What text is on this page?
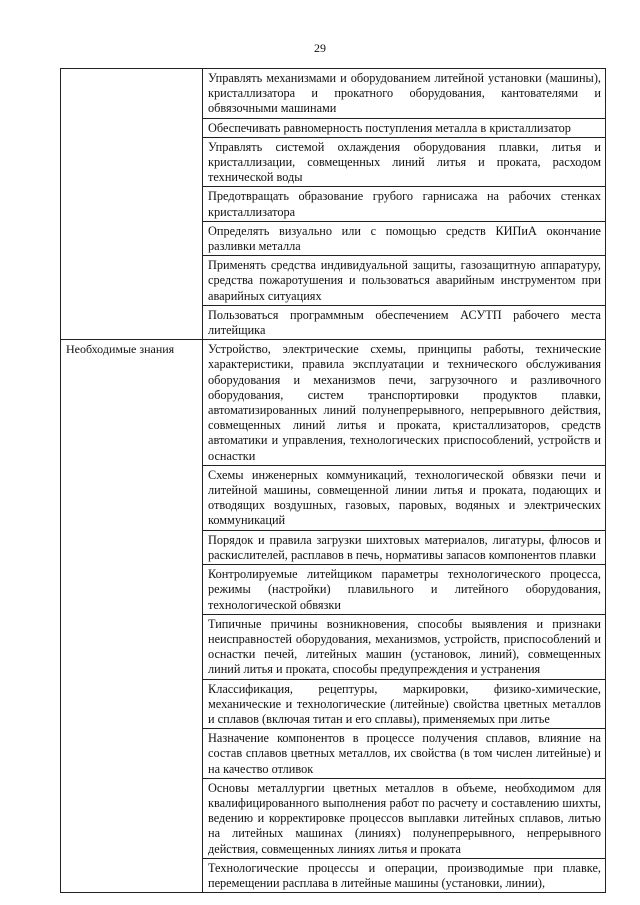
29
	Управлять механизмами и оборудованием литейной установки (машины), кристаллизатора и прокатного оборудования, кантователями и обвязочными машинами
	Обеспечивать равномерность поступления металла в кристаллизатор
	Управлять системой охлаждения оборудования плавки, литья и кристаллизации, совмещенных линий литья и проката, расходом технической воды
	Предотвращать образование грубого гарнисажа на рабочих стенках кристаллизатора
	Определять визуально или с помощью средств КИПиА окончание разливки металла
	Применять средства индивидуальной защиты, газозащитную аппаратуру, средства пожаротушения и пользоваться аварийным инструментом при аварийных ситуациях
	Пользоваться программным обеспечением АСУТП рабочего места литейщика
Необходимые знания	Устройство, электрические схемы, принципы работы, технические характеристики, правила эксплуатации и технического обслуживания оборудования и механизмов печи, загрузочного и разливочного оборудования, систем транспортировки продуктов плавки, автоматизированных линий полунепрерывного, непрерывного действия, совмещенных линий литья и проката, кристаллизаторов, средств автоматики и управления, технологических приспособлений, устройств и оснастки
	Схемы инженерных коммуникаций, технологической обвязки печи и литейной машины, совмещенной линии литья и проката, подающих и отводящих воздушных, газовых, паровых, водяных и электрических коммуникаций
	Порядок и правила загрузки шихтовых материалов, лигатуры, флюсов и раскислителей, расплавов в печь, нормативы запасов компонентов плавки
	Контролируемые литейщиком параметры технологического процесса, режимы (настройки) плавильного и литейного оборудования, технологической обвязки
	Типичные причины возникновения, способы выявления и признаки неисправностей оборудования, механизмов, устройств, приспособлений и оснастки печей, литейных машин (установок, линий), совмещенных линий литья и проката, способы предупреждения и устранения
	Классификация, рецептуры, маркировки, физико-химические, механические и технологические (литейные) свойства цветных металлов и сплавов (включая титан и его сплавы), применяемых при литье
	Назначение компонентов в процессе получения сплавов, влияние на состав сплавов цветных металлов, их свойства (в том числен литейные) и на качество отливок
	Основы металлургии цветных металлов в объеме, необходимом для квалифицированного выполнения работ по расчету и составлению шихты, ведению и корректировке процессов выплавки литейных сплавов, литью на литейных машинах (линиях) полунепрерывного, непрерывного действия, совмещенных линиях литья и проката
	Технологические процессы и операции, производимые при плавке, перемещении расплава в литейные машины (установки, линии),
